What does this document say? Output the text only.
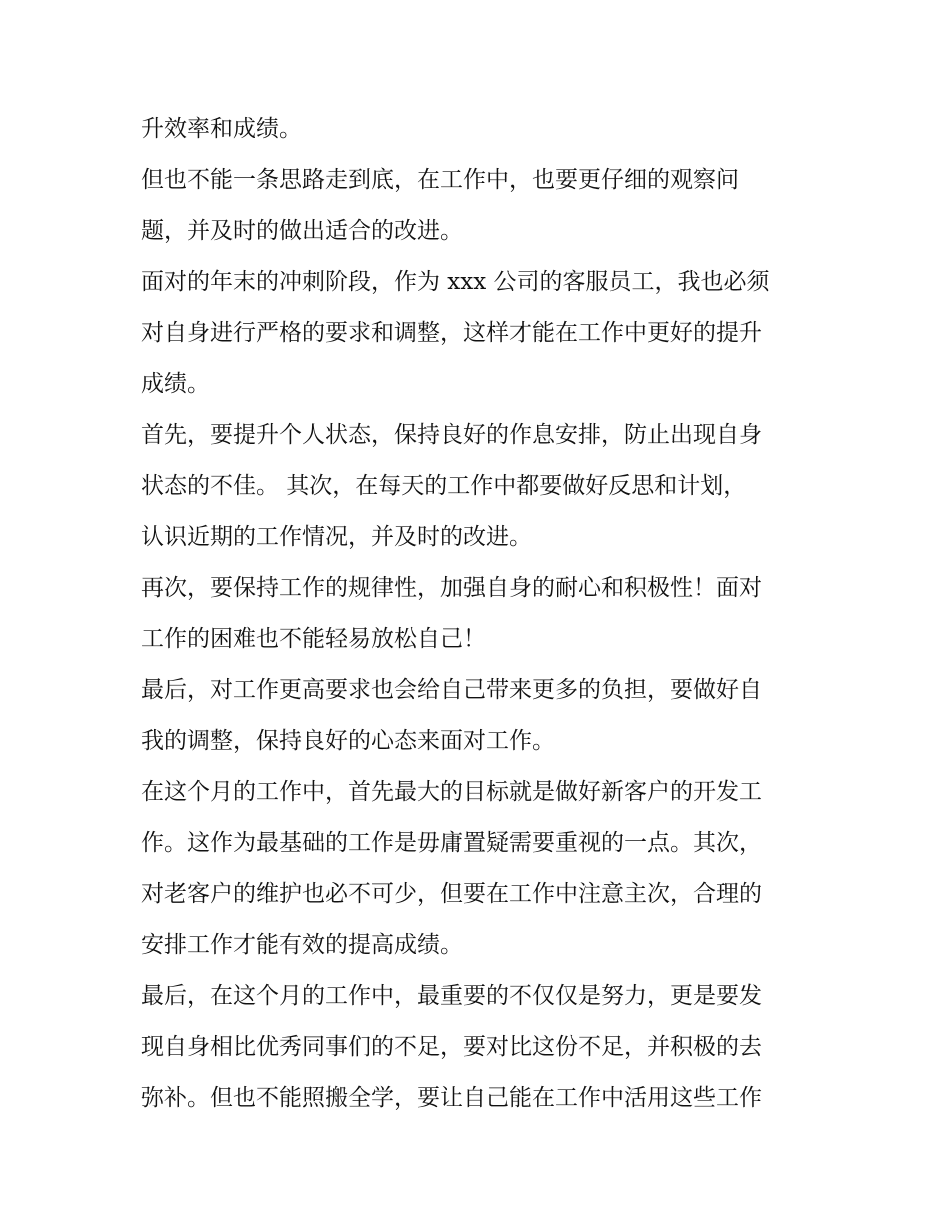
升效率和成绩。
但也不能一条思路走到底，在工作中，也要更仔细的观察问
题，并及时的做出适合的改进。
面对的年末的冲刺阶段，作为 xxx 公司的客服员工，我也必须
对自身进行严格的要求和调整，这样才能在工作中更好的提升
成绩。
首先，要提升个人状态，保持良好的作息安排，防止出现自身
状态的不佳。 其次，在每天的工作中都要做好反思和计划，
认识近期的工作情况，并及时的改进。
再次，要保持工作的规律性，加强自身的耐心和积极性！面对
工作的困难也不能轻易放松自己！
最后，对工作更高要求也会给自己带来更多的负担，要做好自
我的调整，保持良好的心态来面对工作。
在这个月的工作中，首先最大的目标就是做好新客户的开发工
作。这作为最基础的工作是毋庸置疑需要重视的一点。其次，
对老客户的维护也必不可少，但要在工作中注意主次，合理的
安排工作才能有效的提高成绩。
最后，在这个月的工作中，最重要的不仅仅是努力，更是要发
现自身相比优秀同事们的不足，要对比这份不足，并积极的去
弥补。但也不能照搬全学，要让自己能在工作中活用这些工作
